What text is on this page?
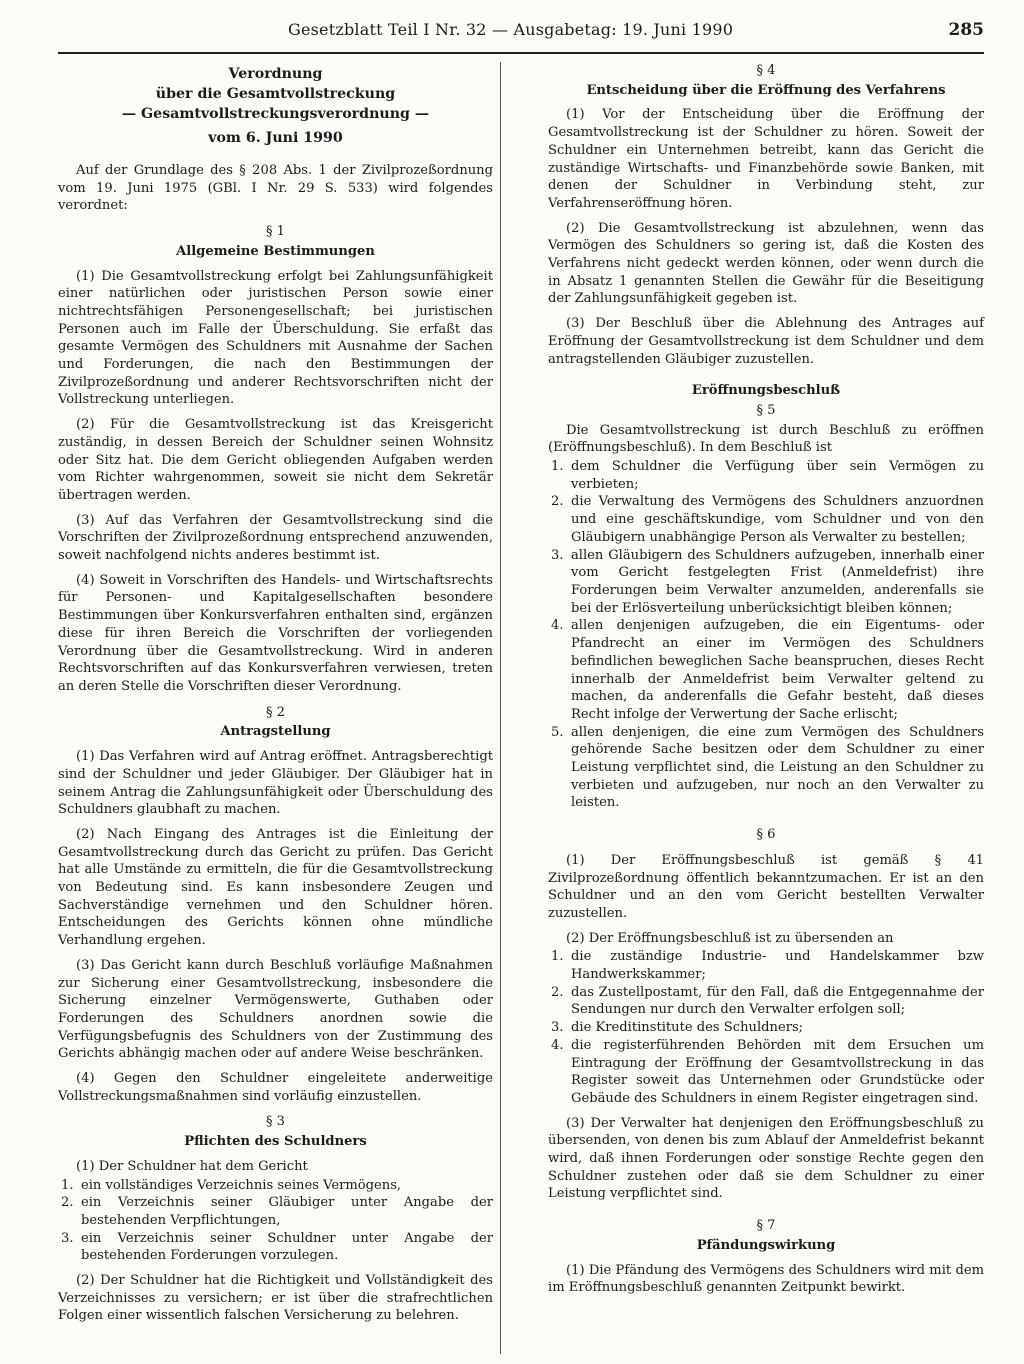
Gesetzblatt Teil I Nr. 32 — Ausgabetag: 19. Juni 1990	285
Verordnung
über die Gesamtvollstreckung
— Gesamtvollstreckungsverordnung —
vom 6. Juni 1990

Auf der Grundlage des § 208 Abs. 1 der Zivilprozeßordnung vom 19. Juni 1975 (GBl. I Nr. 29 S. 533) wird folgendes verordnet:

§ 1
Allgemeine Bestimmungen

(1) Die Gesamtvollstreckung erfolgt bei Zahlungsunfähigkeit einer natürlichen oder juristischen Person sowie einer nichtrechtsfähigen Personengesellschaft; bei juristischen Personen auch im Falle der Überschuldung. Sie erfaßt das gesamte Vermögen des Schuldners mit Ausnahme der Sachen und Forderungen, die nach den Bestimmungen der Zivilprozeßordnung und anderer Rechtsvorschriften nicht der Vollstreckung unterliegen.

(2) Für die Gesamtvollstreckung ist das Kreisgericht zuständig, in dessen Bereich der Schuldner seinen Wohnsitz oder Sitz hat. Die dem Gericht obliegenden Aufgaben werden vom Richter wahrgenommen, soweit sie nicht dem Sekretär übertragen werden.

(3) Auf das Verfahren der Gesamtvollstreckung sind die Vorschriften der Zivilprozeßordnung entsprechend anzuwenden, soweit nachfolgend nichts anderes bestimmt ist.

(4) Soweit in Vorschriften des Handels- und Wirtschaftsrechts für Personen- und Kapitalgesellschaften besondere Bestimmungen über Konkursverfahren enthalten sind, ergänzen diese für ihren Bereich die Vorschriften der vorliegenden Verordnung über die Gesamtvollstreckung. Wird in anderen Rechtsvorschriften auf das Konkursverfahren verwiesen, treten an deren Stelle die Vorschriften dieser Verordnung.

§ 2
Antragstellung

(1) Das Verfahren wird auf Antrag eröffnet. Antragsberechtigt sind der Schuldner und jeder Gläubiger. Der Gläubiger hat in seinem Antrag die Zahlungsunfähigkeit oder Überschuldung des Schuldners glaubhaft zu machen.

(2) Nach Eingang des Antrages ist die Einleitung der Gesamtvollstreckung durch das Gericht zu prüfen. Das Gericht hat alle Umstände zu ermitteln, die für die Gesamtvollstreckung von Bedeutung sind. Es kann insbesondere Zeugen und Sachverständige vernehmen und den Schuldner hören. Entscheidungen des Gerichts können ohne mündliche Verhandlung ergehen.

(3) Das Gericht kann durch Beschluß vorläufige Maßnahmen zur Sicherung einer Gesamtvollstreckung, insbesondere die Sicherung einzelner Vermögenswerte, Guthaben oder Forderungen des Schuldners anordnen sowie die Verfügungsbefugnis des Schuldners von der Zustimmung des Gerichts abhängig machen oder auf andere Weise beschränken.

(4) Gegen den Schuldner eingeleitete anderweitige Vollstreckungsmaßnahmen sind vorläufig einzustellen.

§ 3
Pflichten des Schuldners

(1) Der Schuldner hat dem Gericht

1. ein vollständiges Verzeichnis seines Vermögens,
2. ein Verzeichnis seiner Gläubiger unter Angabe der bestehenden Verpflichtungen,
3. ein Verzeichnis seiner Schuldner unter Angabe der bestehenden Forderungen vorzulegen.

(2) Der Schuldner hat die Richtigkeit und Vollständigkeit des Verzeichnisses zu versichern; er ist über die strafrechtlichen Folgen einer wissentlich falschen Versicherung zu belehren.

§ 4
Entscheidung über die Eröffnung des Verfahrens

(1) Vor der Entscheidung über die Eröffnung der Gesamtvollstreckung ist der Schuldner zu hören. Soweit der Schuldner ein Unternehmen betreibt, kann das Gericht die zuständige Wirtschafts- und Finanzbehörde sowie Banken, mit denen der Schuldner in Verbindung steht, zur Verfahrenseröffnung hören.

(2) Die Gesamtvollstreckung ist abzulehnen, wenn das Vermögen des Schuldners so gering ist, daß die Kosten des Verfahrens nicht gedeckt werden können, oder wenn durch die in Absatz 1 genannten Stellen die Gewähr für die Beseitigung der Zahlungsunfähigkeit gegeben ist.

(3) Der Beschluß über die Ablehnung des Antrages auf Eröffnung der Gesamtvollstreckung ist dem Schuldner und dem antragstellenden Gläubiger zuzustellen.

Eröffnungsbeschluß
§ 5

Die Gesamtvollstreckung ist durch Beschluß zu eröffnen (Eröffnungsbeschluß). In dem Beschluß ist

1. dem Schuldner die Verfügung über sein Vermögen zu verbieten;
2. die Verwaltung des Vermögens des Schuldners anzuordnen und eine geschäftskundige, vom Schuldner und von den Gläubigern unabhängige Person als Verwalter zu bestellen;
3. allen Gläubigern des Schuldners aufzugeben, innerhalb einer vom Gericht festgelegten Frist (Anmeldefrist) ihre Forderungen beim Verwalter anzumelden, anderenfalls sie bei der Erlösverteilung unberücksichtigt bleiben können;
4. allen denjenigen aufzugeben, die ein Eigentums- oder Pfandrecht an einer im Vermögen des Schuldners befindlichen beweglichen Sache beanspruchen, dieses Recht innerhalb der Anmeldefrist beim Verwalter geltend zu machen, da anderenfalls die Gefahr besteht, daß dieses Recht infolge der Verwertung der Sache erlischt;
5. allen denjenigen, die eine zum Vermögen des Schuldners gehörende Sache besitzen oder dem Schuldner zu einer Leistung verpflichtet sind, die Leistung an den Schuldner zu verbieten und aufzugeben, nur noch an den Verwalter zu leisten.
§ 6

(1) Der Eröffnungsbeschluß ist gemäß § 41 Zivilprozeßordnung öffentlich bekanntzumachen. Er ist an den Schuldner und an den vom Gericht bestellten Verwalter zuzustellen.

(2) Der Eröffnungsbeschluß ist zu übersenden an

1. die zuständige Industrie- und Handelskammer bzw Handwerkskammer;
2. das Zustellpostamt, für den Fall, daß die Entgegennahme der Sendungen nur durch den Verwalter erfolgen soll;
3. die Kreditinstitute des Schuldners;
4. die registerführenden Behörden mit dem Ersuchen um Eintragung der Eröffnung der Gesamtvollstreckung in das Register soweit das Unternehmen oder Grundstücke oder Gebäude des Schuldners in einem Register eingetragen sind.

(3) Der Verwalter hat denjenigen den Eröffnungsbeschluß zu übersenden, von denen bis zum Ablauf der Anmeldefrist bekannt wird, daß ihnen Forderungen oder sonstige Rechte gegen den Schuldner zustehen oder daß sie dem Schuldner zu einer Leistung verpflichtet sind.

§ 7
Pfändungswirkung

(1) Die Pfändung des Vermögens des Schuldners wird mit dem im Eröffnungsbeschluß genannten Zeitpunkt bewirkt.
